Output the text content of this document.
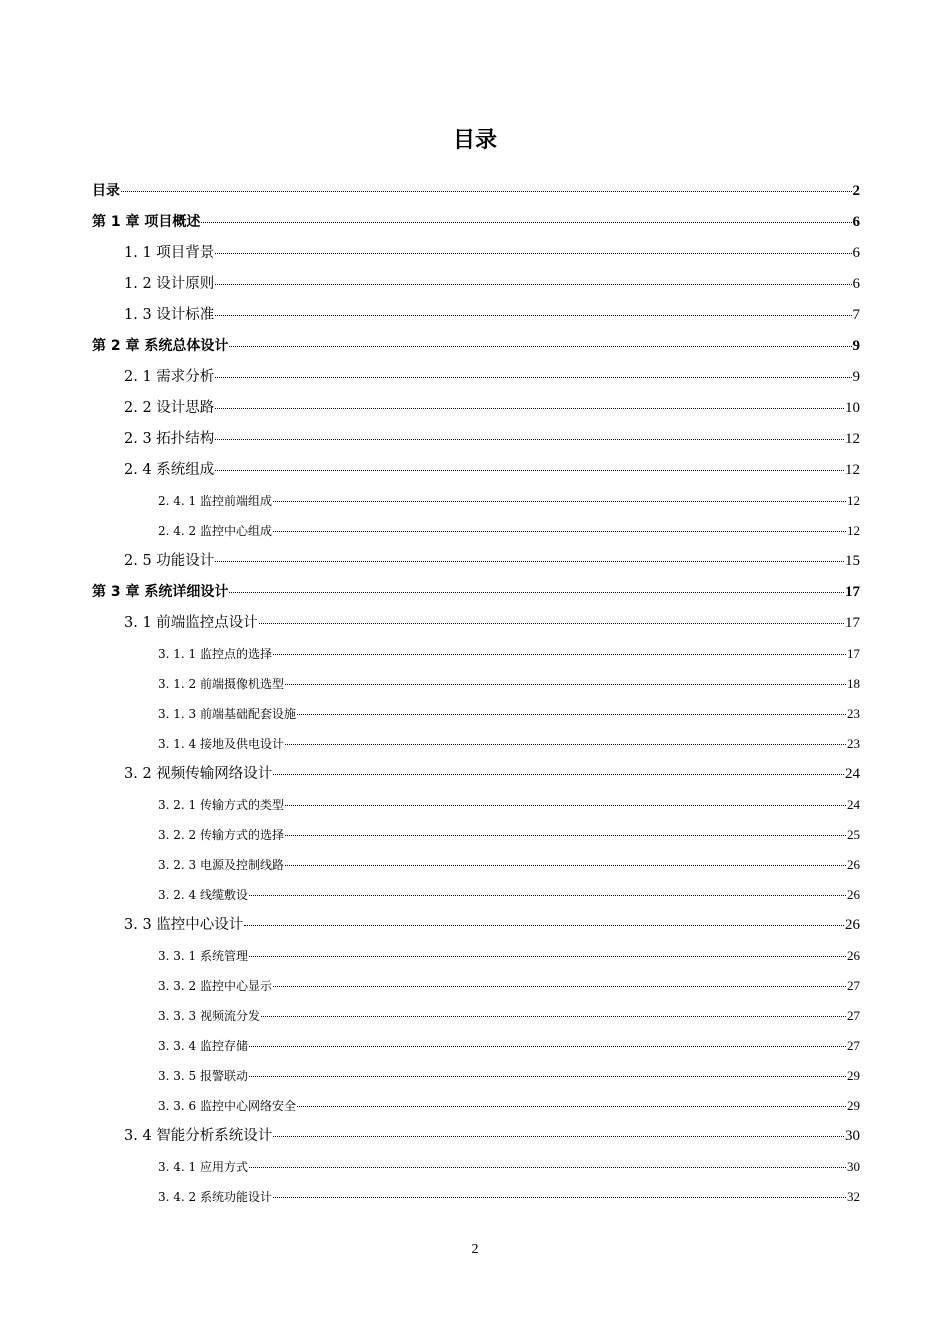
目录
目录	2
第 1 章 项目概述	6
1. 1 项目背景	6
1. 2 设计原则	6
1. 3 设计标准	7
第 2 章 系统总体设计	9
2. 1 需求分析	9
2. 2 设计思路	10
2. 3 拓扑结构	12
2. 4 系统组成	12
2. 4. 1 监控前端组成	12
2. 4. 2 监控中心组成	12
2. 5 功能设计	15
第 3 章 系统详细设计	17
3. 1 前端监控点设计	17
3. 1. 1 监控点的选择	17
3. 1. 2 前端摄像机选型	18
3. 1. 3 前端基础配套设施	23
3. 1. 4 接地及供电设计	23
3. 2 视频传输网络设计	24
3. 2. 1 传输方式的类型	24
3. 2. 2 传输方式的选择	25
3. 2. 3 电源及控制线路	26
3. 2. 4 线缆敷设	26
3. 3 监控中心设计	26
3. 3. 1 系统管理	26
3. 3. 2 监控中心显示	27
3. 3. 3 视频流分发	27
3. 3. 4 监控存储	27
3. 3. 5 报警联动	29
3. 3. 6 监控中心网络安全	29
3. 4 智能分析系统设计	30
3. 4. 1 应用方式	30
3. 4. 2 系统功能设计	32
2
